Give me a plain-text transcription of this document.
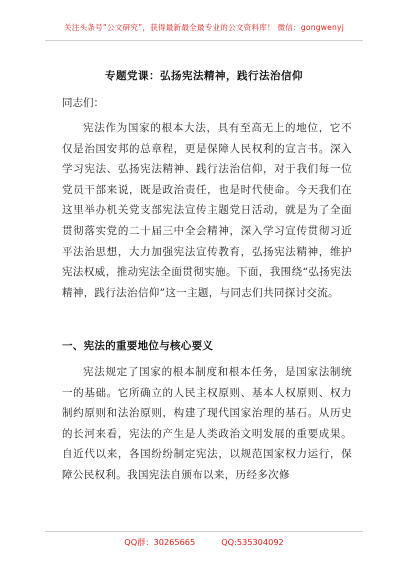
关注头条号“公文研究”，获得最新最全最专业的公文资料库！ 微信：gongwenyj
专题党课：弘扬宪法精神，践行法治信仰
同志们：
宪法作为国家的根本大法，具有至高无上的地位，它不仅是治国安邦的总章程，更是保障人民权利的宣言书。深入学习宪法、弘扬宪法精神、践行法治信仰，对于我们每一位党员干部来说，既是政治责任，也是时代使命。今天我们在这里举办机关党支部宪法宣传主题党日活动，就是为了全面贯彻落实党的二十届三中全会精神，深入学习宣传贯彻习近平法治思想，大力加强宪法宣传教育，弘扬宪法精神，维护宪法权威，推动宪法全面贯彻实施。下面，我围绕“弘扬宪法精神，践行法治信仰”这一主题，与同志们共同探讨交流。
一、宪法的重要地位与核心要义
宪法规定了国家的根本制度和根本任务，是国家法制统一的基础。它所确立的人民主权原则、基本人权原则、权力制约原则和法治原则，构建了现代国家治理的基石。从历史的长河来看，宪法的产生是人类政治文明发展的重要成果。自近代以来，各国纷纷制定宪法，以规范国家权力运行，保障公民权利。我国宪法自颁布以来，历经多次修
QQ群：30265665	QQ:535304092
